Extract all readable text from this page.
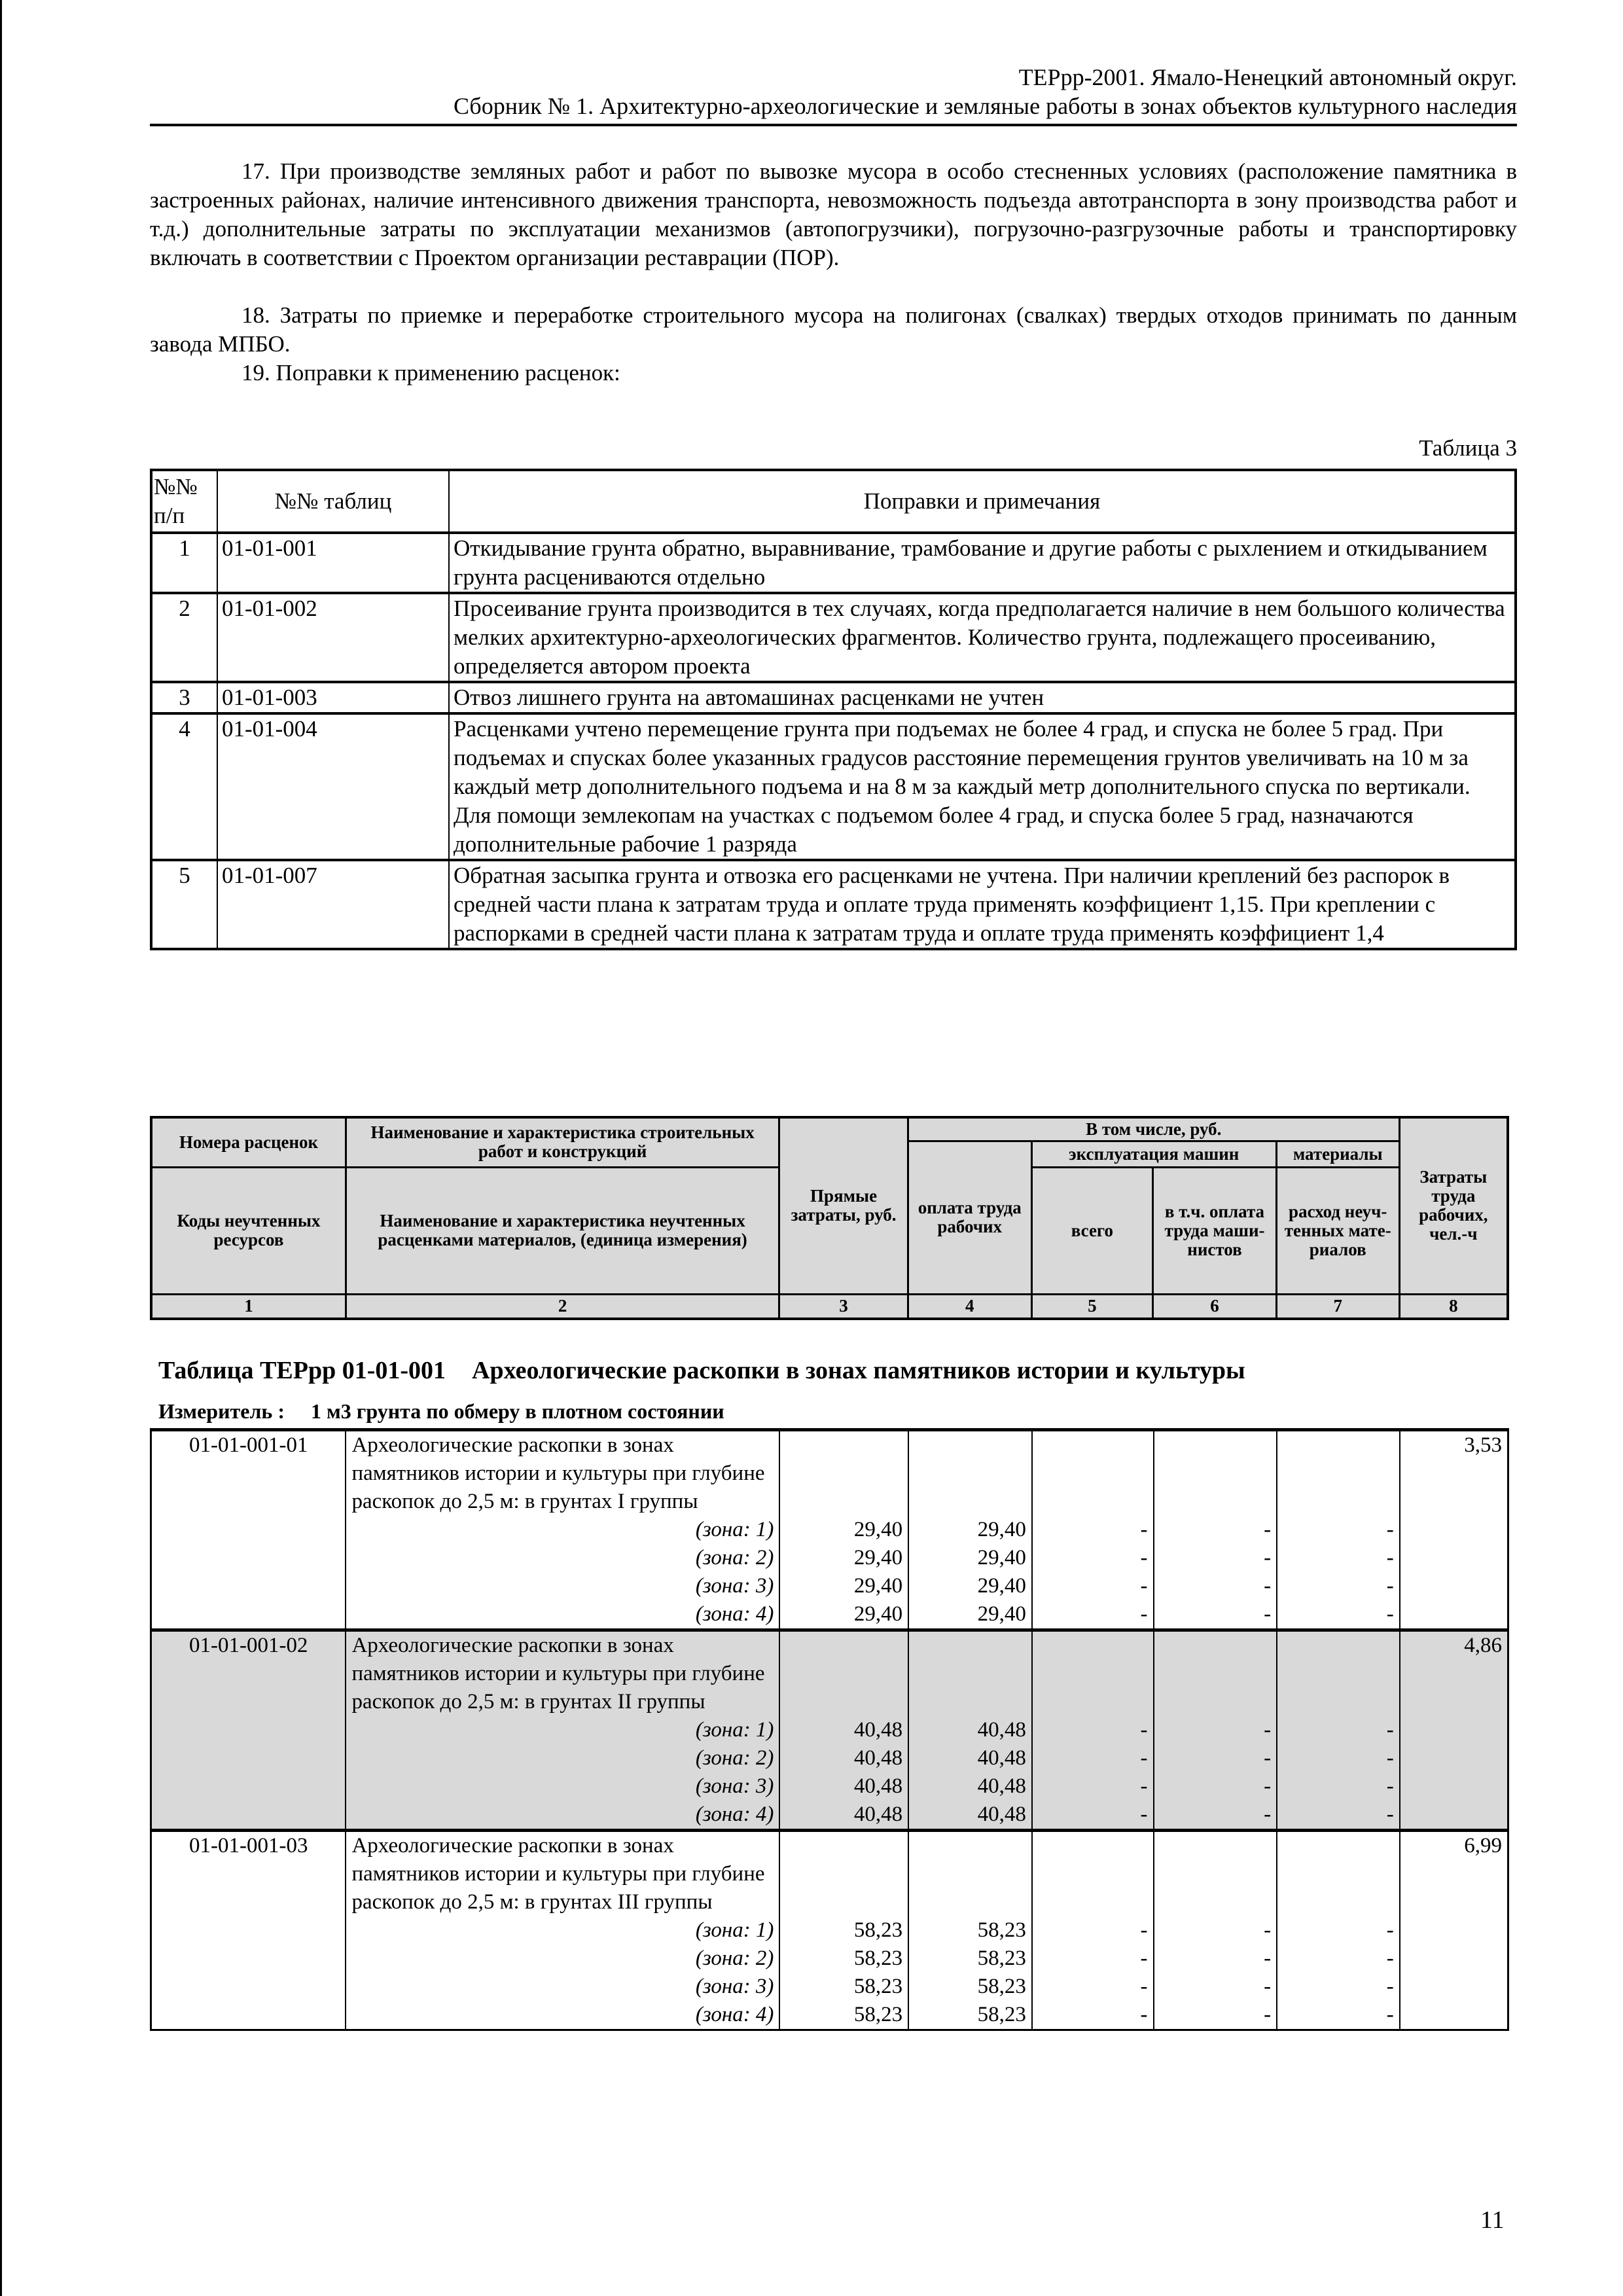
ТЕРрр-2001. Ямало-Ненецкий автономный округ.
Сборник № 1. Архитектурно-археологические и земляные работы в зонах объектов культурного наследия
17. При производстве земляных работ и работ по вывозке мусора в особо стесненных условиях (расположение памятника в застроенных районах, наличие интенсивного движения транспорта, невозможность подъезда автотранспорта в зону производства работ и т.д.) дополнительные затраты по эксплуатации механизмов (автопогрузчики), погрузочно-разгрузочные работы и транспортировку включать в соответствии с Проектом организации реставрации (ПОР).
18. Затраты по приемке и переработке строительного мусора на полигонах (свалках) твердых отходов принимать по данным завода МПБО.
19. Поправки к применению расценок:
Таблица 3
№№ п/п	№№ таблиц	Поправки и примечания
1	01-01-001	Откидывание грунта обратно, выравнивание, трамбование и другие работы с рыхлением и откидыванием грунта расцениваются отдельно
2	01-01-002	Просеивание грунта производится в тех случаях, когда предполагается наличие в нем большого количества мелких архитектурно-археологических фрагментов. Количество грунта, подлежащего просеиванию, определяется автором проекта
3	01-01-003	Отвоз лишнего грунта на автомашинах расценками не учтен
4	01-01-004	Расценками учтено перемещение грунта при подъемах не более 4 град, и спуска не более 5 град. При подъемах и спусках более указанных градусов расстояние перемещения грунтов увеличивать на 10 м за каждый метр дополнительного подъема и на 8 м за каждый метр дополнительного спуска по вертикали. Для помощи землекопам на участках с подъемом более 4 град, и спуска более 5 град, назначаются дополнительные рабочие 1 разряда
5	01-01-007	Обратная засыпка грунта и отвозка его расценками не учтена. При наличии креплений без распорок в средней части плана к затратам труда и оплате труда применять коэффициент 1,15. При креплении с распорками в средней части плана к затратам труда и оплате труда применять коэффициент 1,4
Номера расценок	Наименование и характеристика строительных работ и конструкций	Прямые затраты, руб.	В том числе, руб.				Затраты труда рабочих, чел.-ч
			оплата труда рабочих	эксплуатация машин		материалы	
Коды неучтенных ресурсов	Наименование и характеристика неучтенных расценками материалов, (единица измерения)			всего	в т.ч. оплата труда маши-нистов	расход неуч-тенных мате-риалов	
1	2	3	4	5	6	7	8
Таблица ТЕРрр 01-01-001 Археологические раскопки в зонах памятников истории и культуры
Измеритель : 1 м3 грунта по обмеру в плотном состоянии
01-01-001-01	Археологические раскопки в зонах памятников истории и культуры при глубине раскопок до 2,5 м: в грунтах I группы						3,53
	(зона: 1)	29,40	29,40	-	-	-	
	(зона: 2)	29,40	29,40	-	-	-	
	(зона: 3)	29,40	29,40	-	-	-	
	(зона: 4)	29,40	29,40	-	-	-	
01-01-001-02	Археологические раскопки в зонах памятников истории и культуры при глубине раскопок до 2,5 м: в грунтах II группы						4,86
	(зона: 1)	40,48	40,48	-	-	-	
	(зона: 2)	40,48	40,48	-	-	-	
	(зона: 3)	40,48	40,48	-	-	-	
	(зона: 4)	40,48	40,48	-	-	-	
01-01-001-03	Археологические раскопки в зонах памятников истории и культуры при глубине раскопок до 2,5 м: в грунтах III группы						6,99
	(зона: 1)	58,23	58,23	-	-	-	
	(зона: 2)	58,23	58,23	-	-	-	
	(зона: 3)	58,23	58,23	-	-	-	
	(зона: 4)	58,23	58,23	-	-	-	
11
